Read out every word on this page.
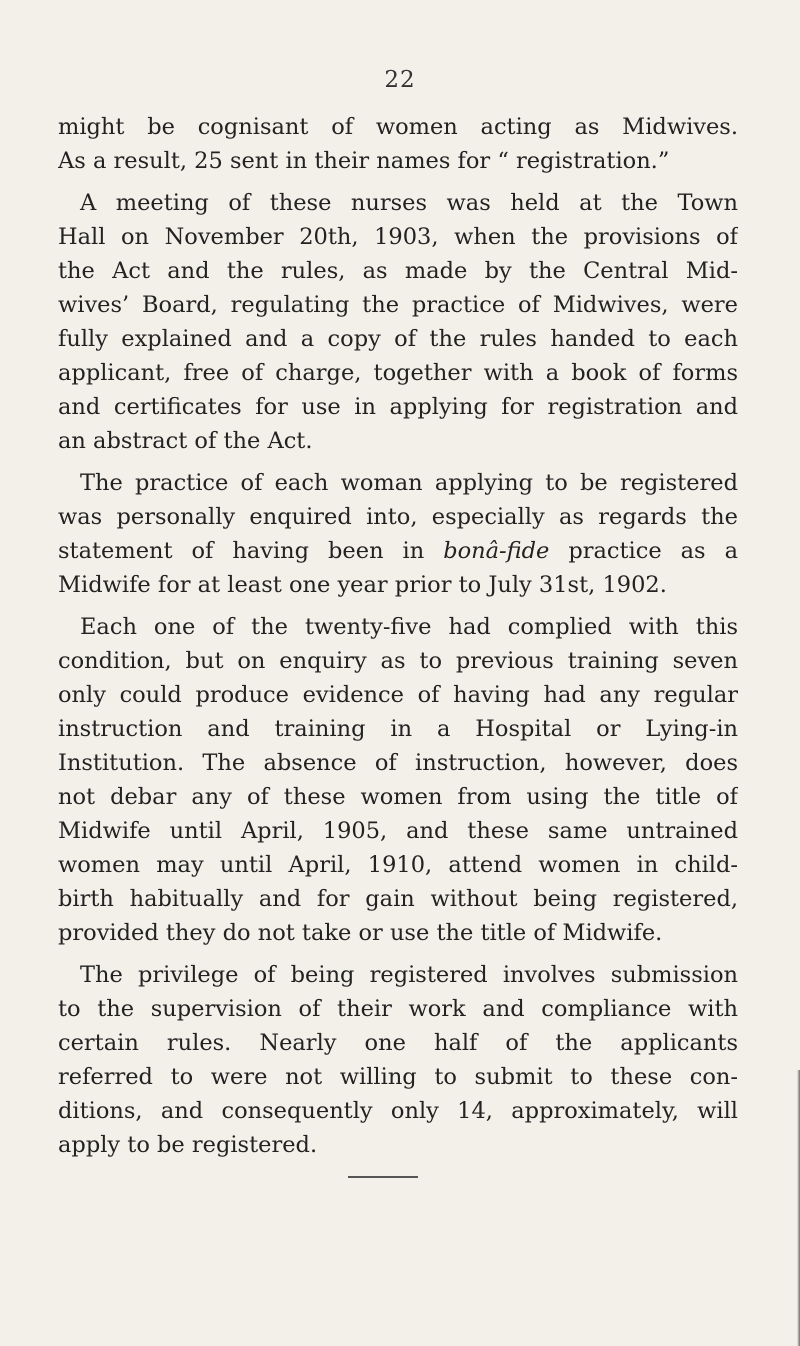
22
might be cognisant of women acting as Midwives.
As a result, 25 sent in their names for “ registration.”
A meeting of these nurses was held at the Town
Hall on November 20th, 1903, when the provisions of
the Act and the rules, as made by the Central Mid-
wives’ Board, regulating the practice of Midwives, were
fully explained and a copy of the rules handed to each
applicant, free of charge, together with a book of forms
and certificates for use in applying for registration and
an abstract of the Act.
The practice of each woman applying to be registered
was personally enquired into, especially as regards the
statement of having been in bonâ-fide practice as a
Midwife for at least one year prior to July 31st, 1902.
Each one of the twenty-five had complied with this
condition, but on enquiry as to previous training seven
only could produce evidence of having had any regular
instruction and training in a Hospital or Lying-in
Institution. The absence of instruction, however, does
not debar any of these women from using the title of
Midwife until April, 1905, and these same untrained
women may until April, 1910, attend women in child-
birth habitually and for gain without being registered,
provided they do not take or use the title of Midwife.
The privilege of being registered involves submission
to the supervision of their work and compliance with
certain rules. Nearly one half of the applicants
referred to were not willing to submit to these con-
ditions, and consequently only 14, approximately, will
apply to be registered.
